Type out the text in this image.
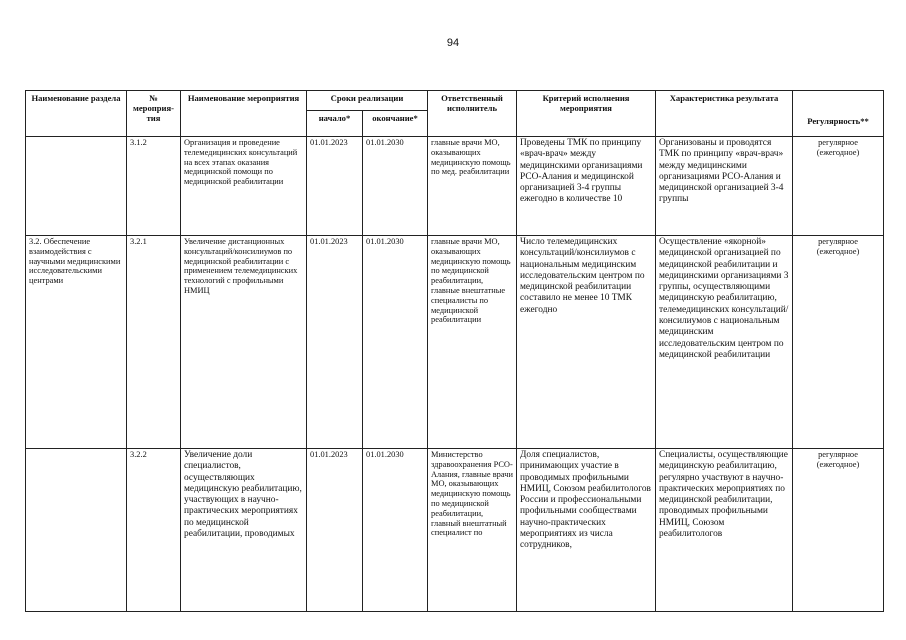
94
Наименование раздела	№ мероприя-тия	Наименование мероприятия	Сроки реализации		Ответственный исполнитель	Критерий исполнения мероприятия	Характеристика результата	Регулярность**
			начало*	окончание*				
	3.1.2	Организация и проведение телемедицинских консультаций на всех этапах оказания медицинской помощи по медицинской реабилитации	01.01.2023	01.01.2030	главные врачи МО, оказывающих медицинскую помощь по мед. реабилитации	Проведены ТМК по принципу «врач-врач» между медицинскими организациями РСО-Алания и медицинской организацией 3-4 группы ежегодно в количестве 10	Организованы и проводятся ТМК по принципу «врач-врач» между медицинскими организациями РСО-Алания и медицинской организацией 3-4 группы	регулярное (ежегодное)
3.2. Обеспечение взаимодействия с научными медицинскими исследовательскими центрами	3.2.1	Увеличение дистанционных консультаций/консилиумов по медицинской реабилитации с применением телемедицинских технологий с профильными НМИЦ	01.01.2023	01.01.2030	главные врачи МО, оказывающих медицинскую помощь по медицинской реабилитации, главные внештатные специалисты по медицинской реабилитации	Число телемедицинских консультаций/консилиумов с национальным медицинским исследовательским центром по медицинской реабилитации составило не менее 10 ТМК ежегодно	Осуществление «якорной» медицинской организацией по медицинской реабилитации и медицинскими организациями 3 группы, осуществляющими медицинскую реабилитацию, телемедицинских консультаций/консилиумов с национальным медицинским исследовательским центром по медицинской реабилитации	регулярное (ежегодное)
	3.2.2	Увеличение доли специалистов, осуществляющих медицинскую реабилитацию, участвующих в научно-практических мероприятиях по медицинской реабилитации, проводимых	01.01.2023	01.01.2030	Министерство здравоохранения РСО-Алания, главные врачи МО, оказывающих медицинскую помощь по медицинской реабилитации, главный внештатный специалист по	Доля специалистов, принимающих участие в проводимых профильными НМИЦ, Союзом реабилитологов России и профессиональными профильными сообществами научно-практических мероприятиях из числа сотрудников,	Специалисты, осуществляющие медицинскую реабилитацию, регулярно участвуют в научно-практических мероприятиях по медицинской реабилитации, проводимых профильными НМИЦ, Союзом реабилитологов	регулярное (ежегодное)
